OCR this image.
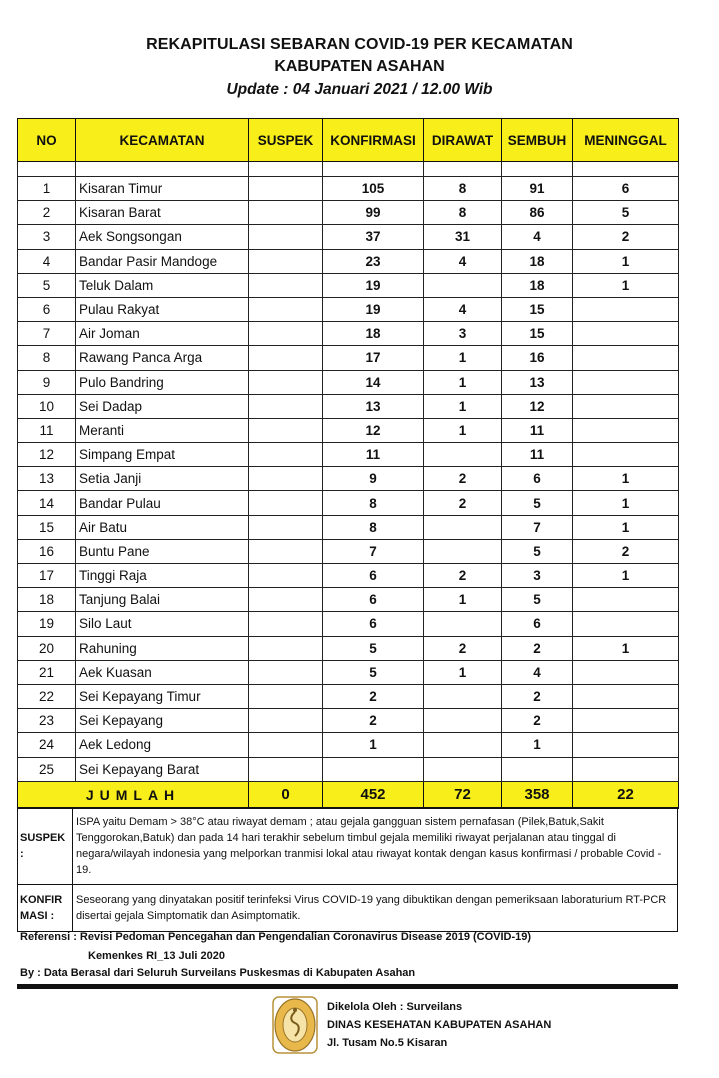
REKAPITULASI SEBARAN COVID-19 PER KECAMATAN
KABUPATEN ASAHAN
Update : 04 Januari 2021 / 12.00 Wib
NO	KECAMATAN	SUSPEK	KONFIRMASI	DIRAWAT	SEMBUH	MENINGGAL

1	Kisaran Timur		105	8	91	6
2	Kisaran Barat		99	8	86	5
3	Aek Songsongan		37	31	4	2
4	Bandar Pasir Mandoge		23	4	18	1
5	Teluk Dalam		19		18	1
6	Pulau Rakyat		19	4	15	
7	Air Joman		18	3	15	
8	Rawang Panca Arga		17	1	16	
9	Pulo Bandring		14	1	13	
10	Sei Dadap		13	1	12	
11	Meranti		12	1	11	
12	Simpang Empat		11		11	
13	Setia Janji		9	2	6	1
14	Bandar Pulau		8	2	5	1
15	Air Batu		8		7	1
16	Buntu Pane		7		5	2
17	Tinggi Raja		6	2	3	1
18	Tanjung Balai		6	1	5	
19	Silo Laut		6		6	
20	Rahuning		5	2	2	1
21	Aek Kuasan		5	1	4	
22	Sei Kepayang Timur		2		2	
23	Sei Kepayang		2		2	
24	Aek Ledong		1		1	
25	Sei Kepayang Barat					
JUMLAH		0	452	72	358	22
SUSPEK :	ISPA yaitu Demam > 38°C atau riwayat demam ; atau gejala gangguan sistem pernafasan (Pilek,Batuk,Sakit Tenggorokan,Batuk) dan pada 14 hari terakhir sebelum timbul gejala memiliki riwayat perjalanan atau tinggal di negara/wilayah indonesia yang melporkan tranmisi lokal atau riwayat kontak dengan kasus konfirmasi / probable Covid - 19.
KONFIR MASI :	Seseorang yang dinyatakan positif terinfeksi Virus COVID-19 yang dibuktikan dengan pemeriksaan laboraturium RT-PCR disertai gejala Simptomatik dan Asimptomatik.
Referensi : Revisi Pedoman Pencegahan dan Pengendalian Coronavirus Disease 2019 (COVID-19)
Kemenkes RI_13 Juli 2020
By : Data Berasal dari Seluruh Surveilans Puskesmas di Kabupaten Asahan
Dikelola Oleh : Surveilans
DINAS KESEHATAN KABUPATEN ASAHAN
Jl. Tusam No.5 Kisaran
